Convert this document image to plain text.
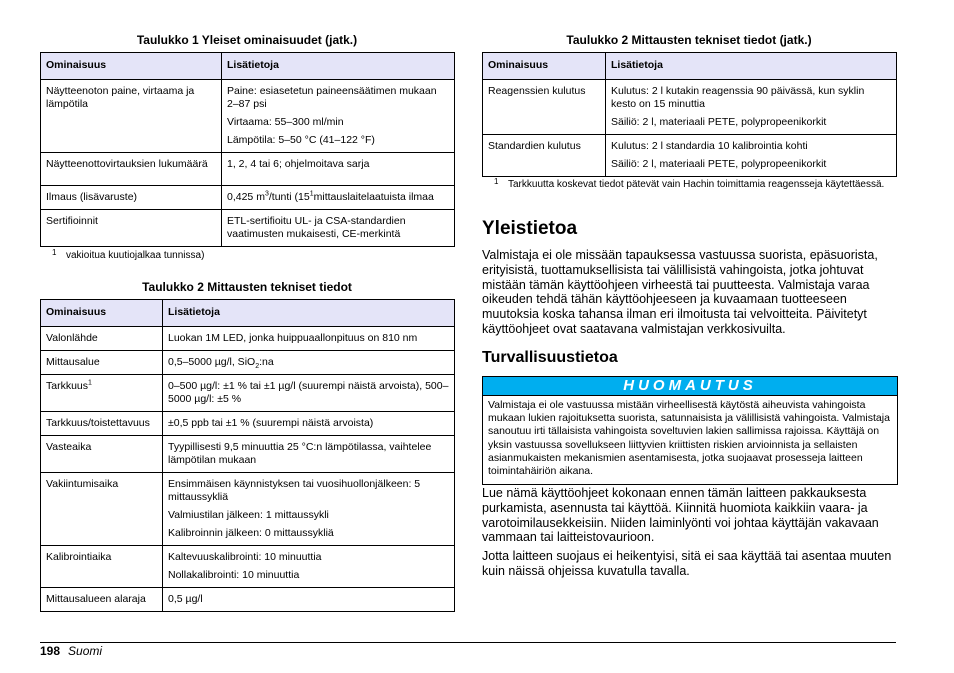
Taulukko 1 Yleiset ominaisuudet (jatk.)
Ominaisuus	Lisätietoja
Näytteenoton paine, virtaama ja lämpötila	Paine: esiasetetun paineensäätimen mukaan 2–87 psi

Virtaama: 55–300 ml/min

Lämpötila: 5–50 °C (41–122 °F)

Näytteenottovirtauksien lukumäärä	1, 2, 4 tai 6; ohjelmoitava sarja

Ilmaus (lisävaruste)	0,425 $m^3$/tunti ($15^1mittauslaitelaatuista$ ilmaa
Sertifioinnit	ETL-sertifioitu UL- ja CSA-standardien vaatimusten mukaisesti, CE-merkintä

1 vakioitua kuutiojalkaa tunnissa)
Taulukko 2 Mittausten tekniset tiedot
Ominaisuus	Lisätietoja
Valonlähde	Luokan 1M LED, jonka huippuaallonpituus on 810 nm

Mittausalue	0,5–5000 µg/l, SiO$_2$:na
Tarkkuus$^1$	0–500 µg/l: ±1 % tai ±1 µg/l (suurempi näistä arvoista), 500–5000 µg/l: ±5 %

Tarkkuus/toistettavuus	±0,5 ppb tai ±1 % (suurempi näistä arvoista)

Vasteaika	Tyypillisesti 9,5 minuuttia 25 °C:n lämpötilassa, vaihtelee lämpötilan mukaan

Vakiintumisaika	Ensimmäisen käynnistyksen tai vuosihuollonjälkeen: 5 mittaussykliä

Valmiustilan jälkeen: 1 mittaussykli

Kalibroinnin jälkeen: 0 mittaussykliä

Kalibrointiaika	Kaltevuuskalibrointi: 10 minuuttia

Nollakalibrointi: 10 minuuttia

Mittausalueen alaraja	0,5 µg/l

Taulukko 2 Mittausten tekniset tiedot (jatk.)
Ominaisuus	Lisätietoja
Reagenssien kulutus	Kulutus: 2 l kutakin reagenssia 90 päivässä, kun syklin kesto on 15 minuttia

Säiliö: 2 l, materiaali PETE, polypropeenikorkit

Standardien kulutus	Kulutus: 2 l standardia 10 kalibrointia kohti

Säiliö: 2 l, materiaali PETE, polypropeenikorkit

1 Tarkkuutta koskevat tiedot pätevät vain Hachin toimittamia reagensseja käytettäessä.
Yleistietoa

Valmistaja ei ole missään tapauksessa vastuussa suorista, epäsuorista, erityisistä, tuottamuksellisista tai välillisistä vahingoista, jotka johtuvat mistään tämän käyttöohjeen virheestä tai puutteesta. Valmistaja varaa oikeuden tehdä tähän käyttöohjeeseen ja kuvaamaan tuotteeseen muutoksia koska tahansa ilman eri ilmoitusta tai velvoitteita. Päivitetyt käyttöohjeet ovat saatavana valmistajan verkkosivuilta.

Turvallisuustietoa
HUOMAUTUS
Valmistaja ei ole vastuussa mistään virheellisestä käytöstä aiheuvista vahingoista mukaan lukien rajoituksetta suorista, satunnaisista ja välillisistä vahingoista. Valmistaja sanoutuu irti tällaisista vahingoista soveltuvien lakien sallimissa rajoissa. Käyttäjä on yksin vastuussa sovellukseen liittyvien kriittisten riskien arvioinnista ja sellaisten asianmukaisten mekanismien asentamisesta, jotka suojaavat prosesseja laitteen toimintahäiriön aikana.

Lue nämä käyttöohjeet kokonaan ennen tämän laitteen pakkauksesta purkamista, asennusta tai käyttöä. Kiinnitä huomiota kaikkiin vaara- ja varotoimilausekkeisiin. Niiden laiminlyönti voi johtaa käyttäjän vakavaan vammaan tai laitteistovaurioon.

Jotta laitteen suojaus ei heikentyisi, sitä ei saa käyttää tai asentaa muuten kuin näissä ohjeissa kuvatulla tavalla.

198 Suomi
